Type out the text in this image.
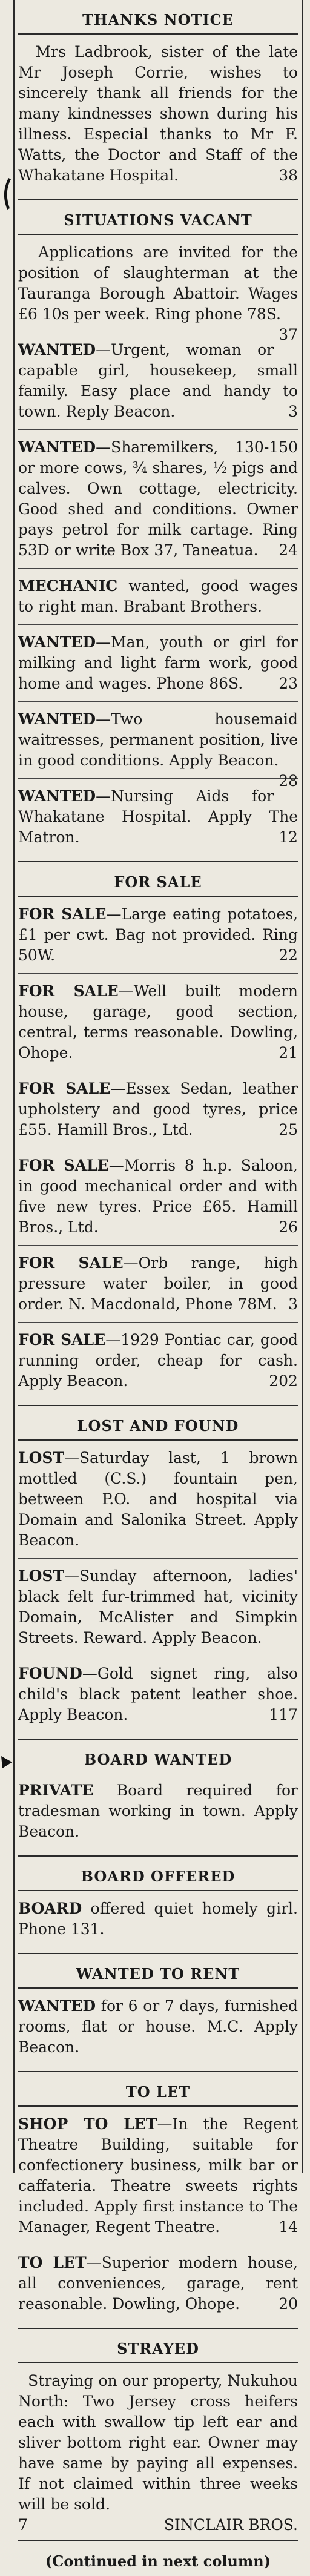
THANKS NOTICE
Mrs Ladbrook, sister of the late Mr Joseph Corrie, wishes to sincerely thank all friends for the many kindnesses shown during his illness. Especial thanks to Mr F. Watts, the Doctor and Staff of the Whakatane Hospital.	38
SITUATIONS VACANT
Applications are invited for the position of slaughterman at the Tauranga Borough Abattoir. Wages £6 10s per week. Ring phone 78S.
37
WANTED—Urgent, woman or capable girl, housekeep, small family. Easy place and handy to town. Reply Beacon.	3
WANTED—Sharemilkers, 130-150 or more cows, ¾ shares, ½ pigs and calves. Own cottage, electricity. Good shed and conditions. Owner pays petrol for milk cartage. Ring 53D or write Box 37, Taneatua. 24
MECHANIC wanted, good wages to right man. Brabant Brothers.
WANTED—Man, youth or girl for milking and light farm work, good home and wages. Phone 86S. 23
WANTED—Two housemaid waitresses, permanent position, live in good conditions. Apply Beacon.
28
WANTED—Nursing Aids for Whakatane Hospital. Apply The Matron.	12
FOR SALE
FOR SALE—Large eating potatoes, £1 per cwt. Bag not provided. Ring 50W.	22
FOR SALE—Well built modern house, garage, good section, central, terms reasonable. Dowling, Ohope.	21
FOR SALE—Essex Sedan, leather upholstery and good tyres, price £55. Hamill Bros., Ltd.	25
FOR SALE—Morris 8 h.p. Saloon, in good mechanical order and with five new tyres. Price £65. Hamill Bros., Ltd.	26
FOR SALE—Orb range, high pressure water boiler, in good order. N. Macdonald, Phone 78M. 3
FOR SALE—1929 Pontiac car, good running order, cheap for cash. Apply Beacon.	202
LOST AND FOUND
LOST—Saturday last, 1 brown mottled (C.S.) fountain pen, between P.O. and hospital via Domain and Salonika Street. Apply Beacon.
LOST—Sunday afternoon, ladies' black felt fur-trimmed hat, vicinity Domain, McAlister and Simpkin Streets. Reward. Apply Beacon.
FOUND—Gold signet ring, also child's black patent leather shoe. Apply Beacon.	117
BOARD WANTED
PRIVATE Board required for tradesman working in town. Apply Beacon.
BOARD OFFERED
BOARD offered quiet homely girl. Phone 131.
WANTED TO RENT
WANTED for 6 or 7 days, furnished rooms, flat or house. M.C. Apply Beacon.
TO LET
SHOP TO LET—In the Regent Theatre Building, suitable for confectionery business, milk bar or caffateria. Theatre sweets rights included. Apply first instance to The Manager, Regent Theatre.	14
TO LET—Superior modern house, all conveniences, garage, rent reasonable. Dowling, Ohope.	20
STRAYED
Straying on our property, Nukuhou North: Two Jersey cross heifers each with swallow tip left ear and sliver bottom right ear. Owner may have same by paying all expenses. If not claimed within three weeks will be sold.
7	SINCLAIR BROS.
(Continued in next column)
